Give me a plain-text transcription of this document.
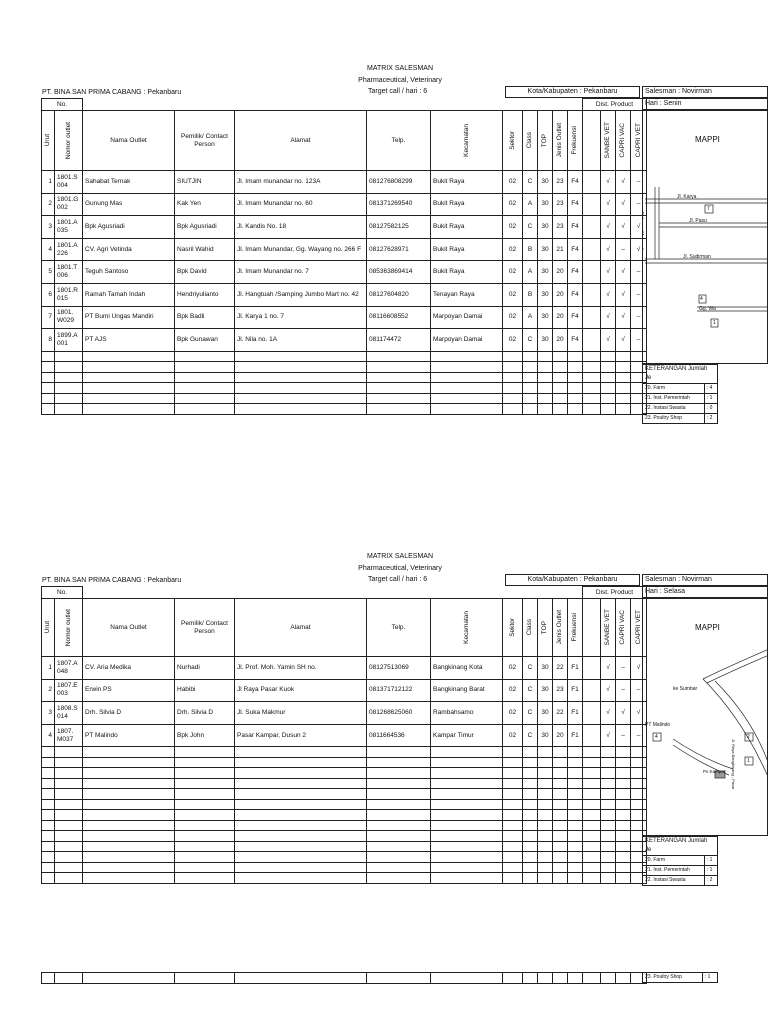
MATRIX SALESMAN
Pharmaceutical, Veterinary
PT. BINA SAN PRIMA CABANG : Pekanbaru	Target call / hari : 6	Kota/Kabupaten : Pekanbaru	Salesman : Novirman
Hari : Senin
No.												Dist. Product			

Urut	Nomor outlet	Nama Outlet	Pemilik/ Contact Person	Alamat	Telp.	Kecamatan	Sektor	Class	TOP	Jenis Outlet	Frekuensi		SANBE VET	CAPRI VAC	CAPRI VET

1	1801.S 004	Sahabat Ternak	SIUTJIN	Jl. Imam munandar no. 123A	081276808299	Bukit Raya	02	C	30	23	F4		√	√	–
2	1801.G 002	Gunung Mas	Kak Yen	Jl. Imam Munandar no. 60	081371269540	Bukit Raya	02	A	30	23	F4		√	√	–
3	1801.A 035	Bpk Agusriadi	Bpk Agusriadi	Jl. Kandis No. 18	08127582125	Bukit Raya	02	C	30	23	F4		√	√	√
4	1801.A 226	CV. Agri Vetinda	Nasril Wahid	Jl. Imam Munandar, Gg. Wayang no. 266 F	08127628971	Bukit Raya	02	B	30	21	F4		√	–	√
5	1801.T 006	Teguh Santoso	Bpk David	Jl. Imam Munandar no. 7	085363869414	Bukit Raya	02	A	30	20	F4		√	√	–
6	1801.R 015	Ramah Tamah Indah	Hendriyulianto	Jl. Hangtuah /Samping Jumbo Mart no. 42	08127604820	Tenayan Raya	02	B	30	20	F4		√	√	–
7	1801. W029	PT Bumi Ungas Mandiri	Bpk Badli	Jl. Karya 1 no. 7	08116608552	Marpoyan Damai	02	A	30	20	F4		√	√	–
8	1899.A 001	PT AJS	Bpk Gunawan	Jl. Nila no. 1A	081174472	Marpoyan Damai	02	C	30	20	F4		√	√	–

MAPPI
Jl. Karya
Jl. Pasu
Jl. Sudirman
Gg. Wa
7
4
1
Jl. Imam Munandar
KETERANGAN Jumlah Je	
20. Farm	: 4
21. Inst. Pemerintah	: 1
22. Instasi Swasta	: 0
23. Poultry Shop	: 2
MATRIX SALESMAN
Pharmaceutical, Veterinary
PT. BINA SAN PRIMA CABANG : Pekanbaru	Target call / hari : 6	Kota/Kabupaten : Pekanbaru	Salesman : Novirman
Hari : Selasa
No.												Dist. Product			

Urut	Nomor outlet	Nama Outlet	Pemilik/ Contact Person	Alamat	Telp.	Kecamatan	Sektor	Class	TOP	Jenis Outlet	Frekuensi		SANBE VET	CAPRI VAC	CAPRI VET

1	1807.A 048	CV. Aria Medika	Nurhadi	Jl. Prof. Moh. Yamin SH no.	08127513069	Bangkinang Kota	02	C	30	22	F1		√	–	√
2	1807.E 003	Erwin PS	Habibi	Jl Raya Pasar Kuok	081371712122	Bangkinang Barat	02	C	30	23	F1		√	–	–
3	1808.S 014	Drh. Silvia D	Drh. Silvia D	Jl. Suka Makmur	081268625060	Rambahsamo	02	C	30	22	F1		√	√	√
4	1807. M037	PT Malindo	Bpk John	Pasar Kampar, Dusun 2	0811664536	Kampar Timur	02	C	30	20	F1		√	–	–

MAPPI
ke Sumbar
PT Malindo
Ps Kampar
4	2
1
Jl. Raya Bangkinang - Pasar
KETERANGAN Jumlah Je	
20. Farm	: 1
21. Inst. Pemerintah	: 1
22. Instasi Swasta	: 2

23. Poultry Shop	: 1
